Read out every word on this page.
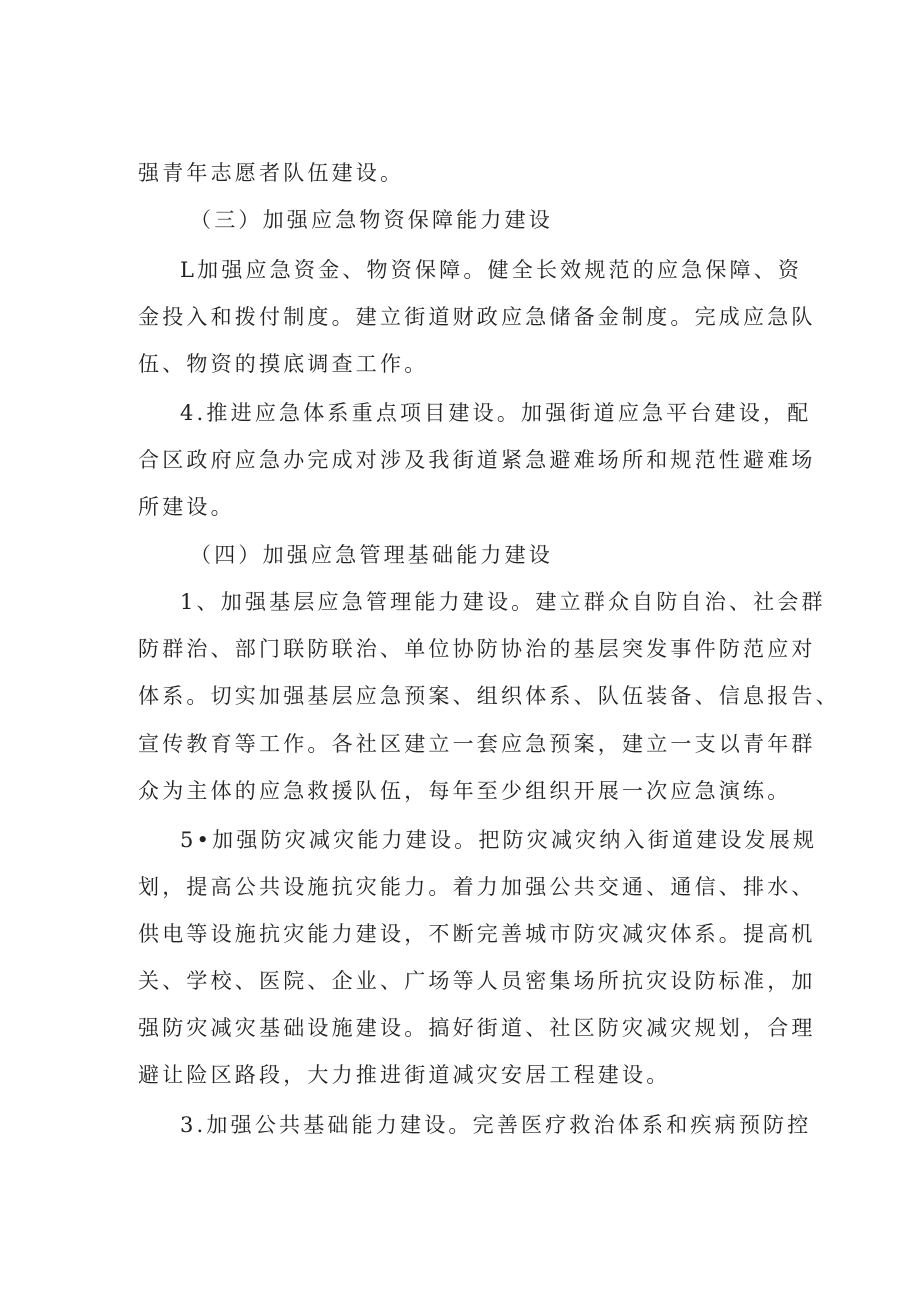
强青年志愿者队伍建设。

（三）加强应急物资保障能力建设

L加强应急资金、物资保障。健全长效规范的应急保障、资

金投入和拨付制度。建立街道财政应急储备金制度。完成应急队

伍、物资的摸底调查工作。

4.推进应急体系重点项目建设。加强街道应急平台建设，配

合区政府应急办完成对涉及我街道紧急避难场所和规范性避难场

所建设。

（四）加强应急管理基础能力建设

1、加强基层应急管理能力建设。建立群众自防自治、社会群

防群治、部门联防联治、单位协防协治的基层突发事件防范应对

体系。切实加强基层应急预案、组织体系、队伍装备、信息报告、

宣传教育等工作。各社区建立一套应急预案，建立一支以青年群

众为主体的应急救援队伍，每年至少组织开展一次应急演练。

5•加强防灾减灾能力建设。把防灾减灾纳入街道建设发展规

划，提高公共设施抗灾能力。着力加强公共交通、通信、排水、

供电等设施抗灾能力建设，不断完善城市防灾减灾体系。提高机

关、学校、医院、企业、广场等人员密集场所抗灾设防标准，加

强防灾减灾基础设施建设。搞好街道、社区防灾减灾规划，合理

避让险区路段，大力推进街道减灾安居工程建设。

3.加强公共基础能力建设。完善医疗救治体系和疾病预防控
